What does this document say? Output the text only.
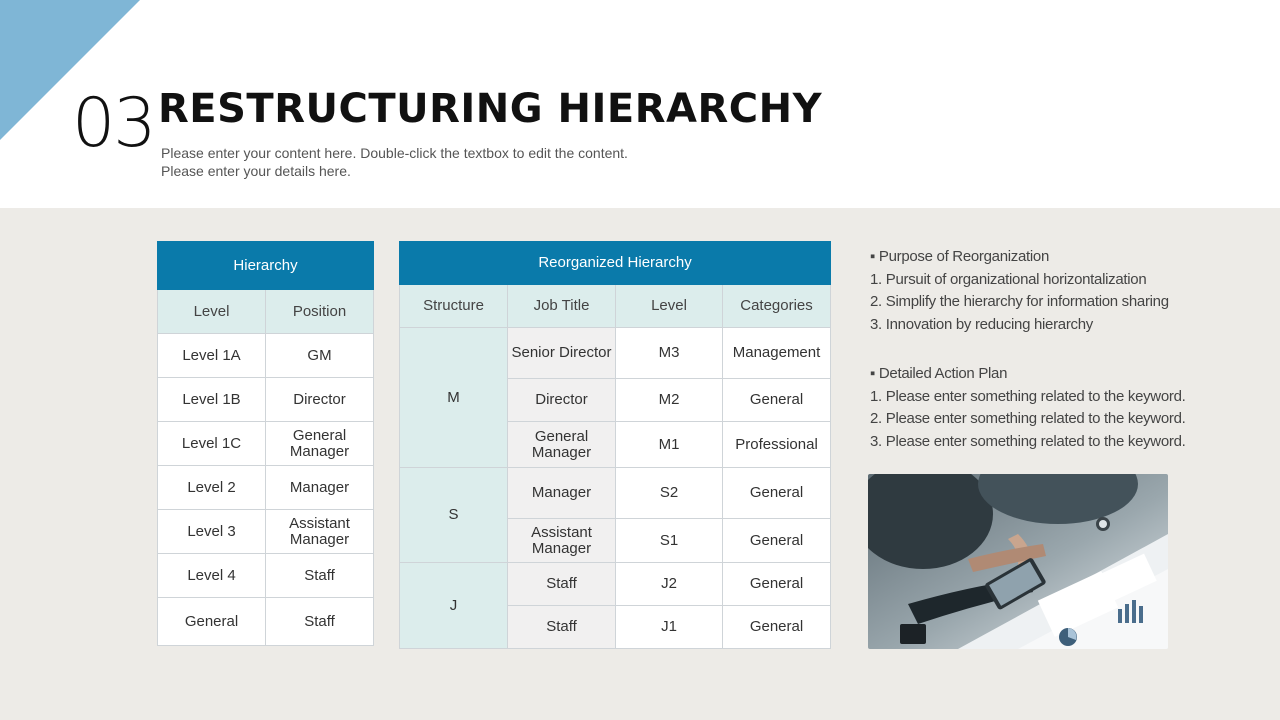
03 RESTRUCTURING HIERARCHY
Please enter your content here. Double-click the textbox to edit the content.
Please enter your details here.
Hierarchy	
Level	Position
Level 1A	GM
Level 1B	Director
Level 1C	General Manager
Level 2	Manager
Level 3	Assistant Manager
Level 4	Staff
General	Staff
Reorganized Hierarchy			
Structure	Job Title	Level	Categories
M	Senior Director	M3	Management
	Director	M2	General
	General Manager	M1	Professional
S	Manager	S2	General
	Assistant Manager	S1	General
J	Staff	J2	General
	Staff	J1	General
▪ Purpose of Reorganization
1. Pursuit of organizational horizontalization
2. Simplify the hierarchy for information sharing
3. Innovation by reducing hierarchy
▪ Detailed Action Plan
1. Please enter something related to the keyword.
2. Please enter something related to the keyword.
3. Please enter something related to the keyword.
